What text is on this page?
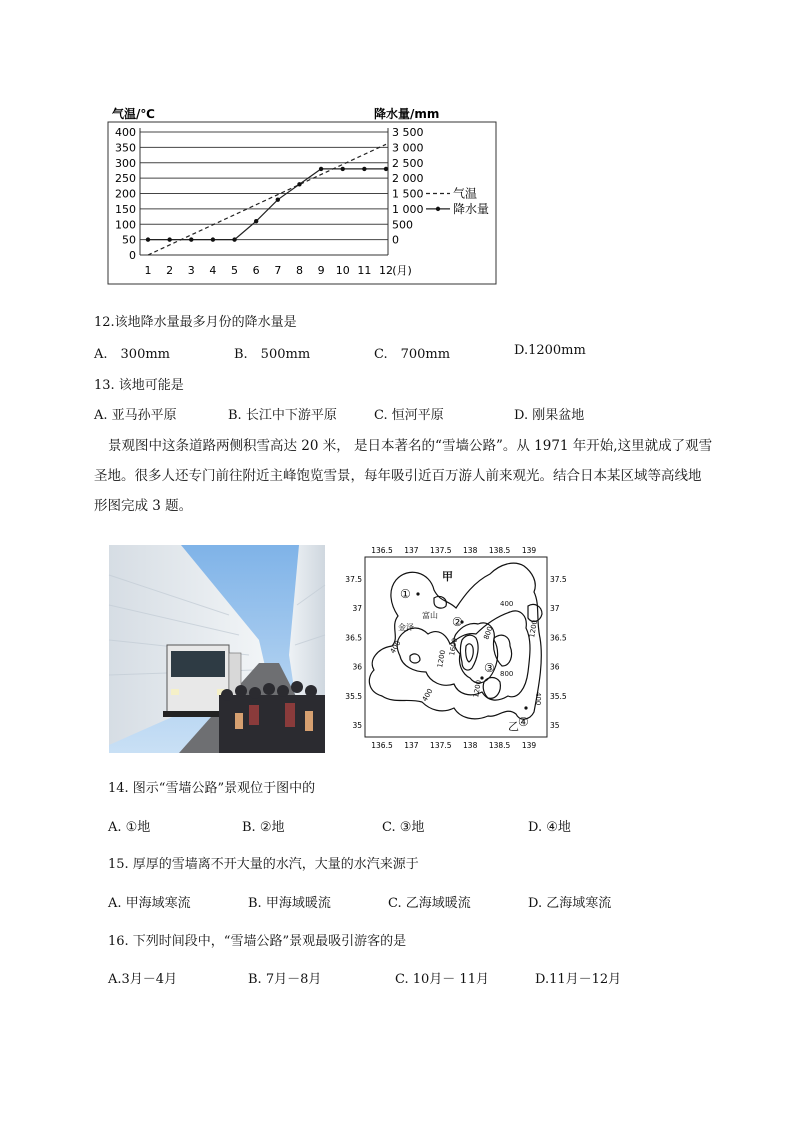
气温/℃	降水量/mm
400
350
300
250
200
150
100
50
0
3 500
3 000
2 500
2 000
1 500
1 000
500
0
1 2 3 4 5 6 7 8 9 10 11 12 (月)
气温
降水量
12.该地降水量最多月份的降水量是
A.　300mm	B.　500mm	C.　700mm	D.1200mm
13. 该地可能是
A. 亚马孙平原	B. 长江中下游平原	C. 恒河平原	D. 刚果盆地
景观图中这条道路两侧积雪高达 20 米， 是日本著名的“雪墙公路”。从 1971 年开始,这里就成了观雪圣地。很多人还专门前往附近主峰饱览雪景，每年吸引近百万游人前来观光。结合日本某区域等高线地形图完成 3 题。
136.5
136.5
137
137
137.5
137.5
138
138
138.5
138.5
139
139
37.5	37.5
37	37
36.5	36.5
36	36
35.5	35.5
35	35
甲
乙
富山
金泽
①
②
③
④
400
400
400	400
800
800
1200
1200
1200
1600
14. 图示“雪墙公路”景观位于图中的
A. ①地	B. ②地	C. ③地	D. ④地
15. 厚厚的雪墙离不开大量的水汽，大量的水汽来源于
A. 甲海域寒流	B. 甲海域暖流	C. 乙海域暖流	D. 乙海域寒流
16. 下列时间段中，“雪墙公路”景观最吸引游客的是
A.3月－4月	B. 7月－8月	C. 10月－ 11月	D.11月－12月
